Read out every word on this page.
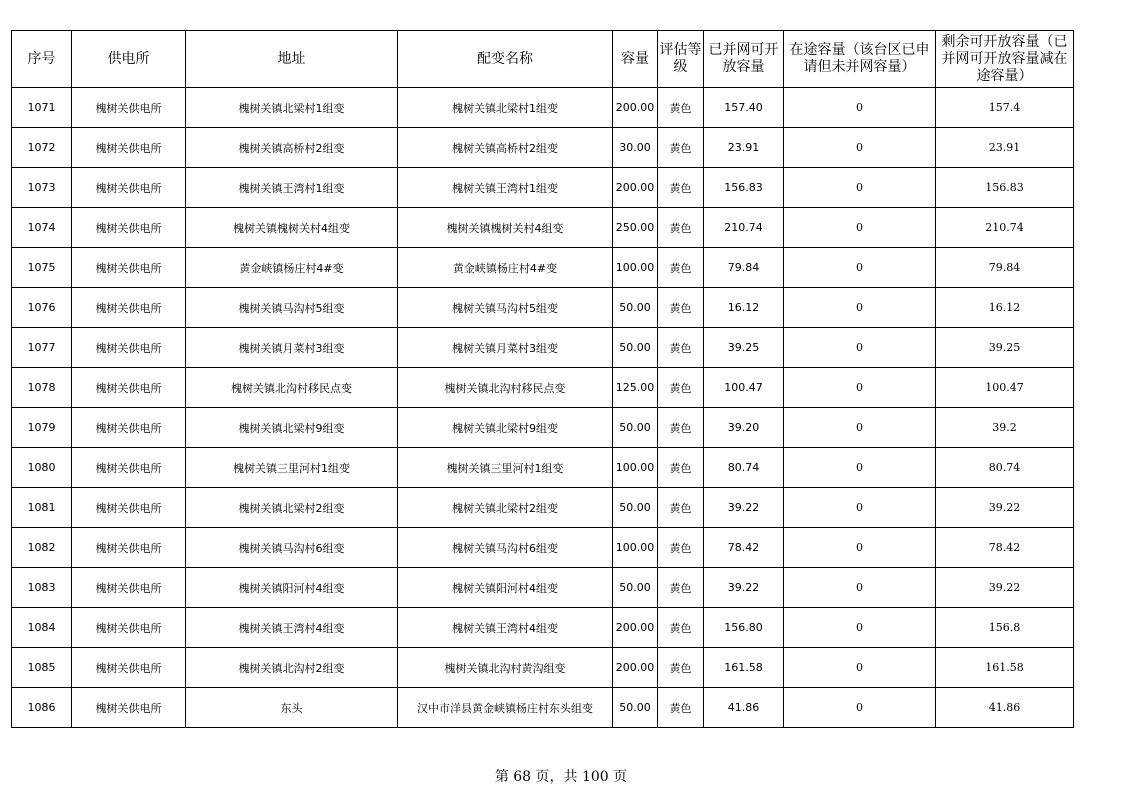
序号	供电所	地址	配变名称	容量	评估等级	已并网可开放容量	在途容量（该台区已申请但未并网容量）	剩余可开放容量（已并网可开放容量减在途容量）
1071	槐树关供电所	槐树关镇北梁村1组变	槐树关镇北梁村1组变	200.00	黄色	157.40	0	157.4
1072	槐树关供电所	槐树关镇高桥村2组变	槐树关镇高桥村2组变	30.00	黄色	23.91	0	23.91
1073	槐树关供电所	槐树关镇王湾村1组变	槐树关镇王湾村1组变	200.00	黄色	156.83	0	156.83
1074	槐树关供电所	槐树关镇槐树关村4组变	槐树关镇槐树关村4组变	250.00	黄色	210.74	0	210.74
1075	槐树关供电所	黄金峡镇杨庄村4#变	黄金峡镇杨庄村4#变	100.00	黄色	79.84	0	79.84
1076	槐树关供电所	槐树关镇马沟村5组变	槐树关镇马沟村5组变	50.00	黄色	16.12	0	16.12
1077	槐树关供电所	槐树关镇月菜村3组变	槐树关镇月菜村3组变	50.00	黄色	39.25	0	39.25
1078	槐树关供电所	槐树关镇北沟村移民点变	槐树关镇北沟村移民点变	125.00	黄色	100.47	0	100.47
1079	槐树关供电所	槐树关镇北梁村9组变	槐树关镇北梁村9组变	50.00	黄色	39.20	0	39.2
1080	槐树关供电所	槐树关镇三里河村1组变	槐树关镇三里河村1组变	100.00	黄色	80.74	0	80.74
1081	槐树关供电所	槐树关镇北梁村2组变	槐树关镇北梁村2组变	50.00	黄色	39.22	0	39.22
1082	槐树关供电所	槐树关镇马沟村6组变	槐树关镇马沟村6组变	100.00	黄色	78.42	0	78.42
1083	槐树关供电所	槐树关镇阳河村4组变	槐树关镇阳河村4组变	50.00	黄色	39.22	0	39.22
1084	槐树关供电所	槐树关镇王湾村4组变	槐树关镇王湾村4组变	200.00	黄色	156.80	0	156.8
1085	槐树关供电所	槐树关镇北沟村2组变	槐树关镇北沟村黄沟组变	200.00	黄色	161.58	0	161.58
1086	槐树关供电所	东头	汉中市洋县黄金峡镇杨庄村东头组变	50.00	黄色	41.86	0	41.86
第 68 页，共 100 页
